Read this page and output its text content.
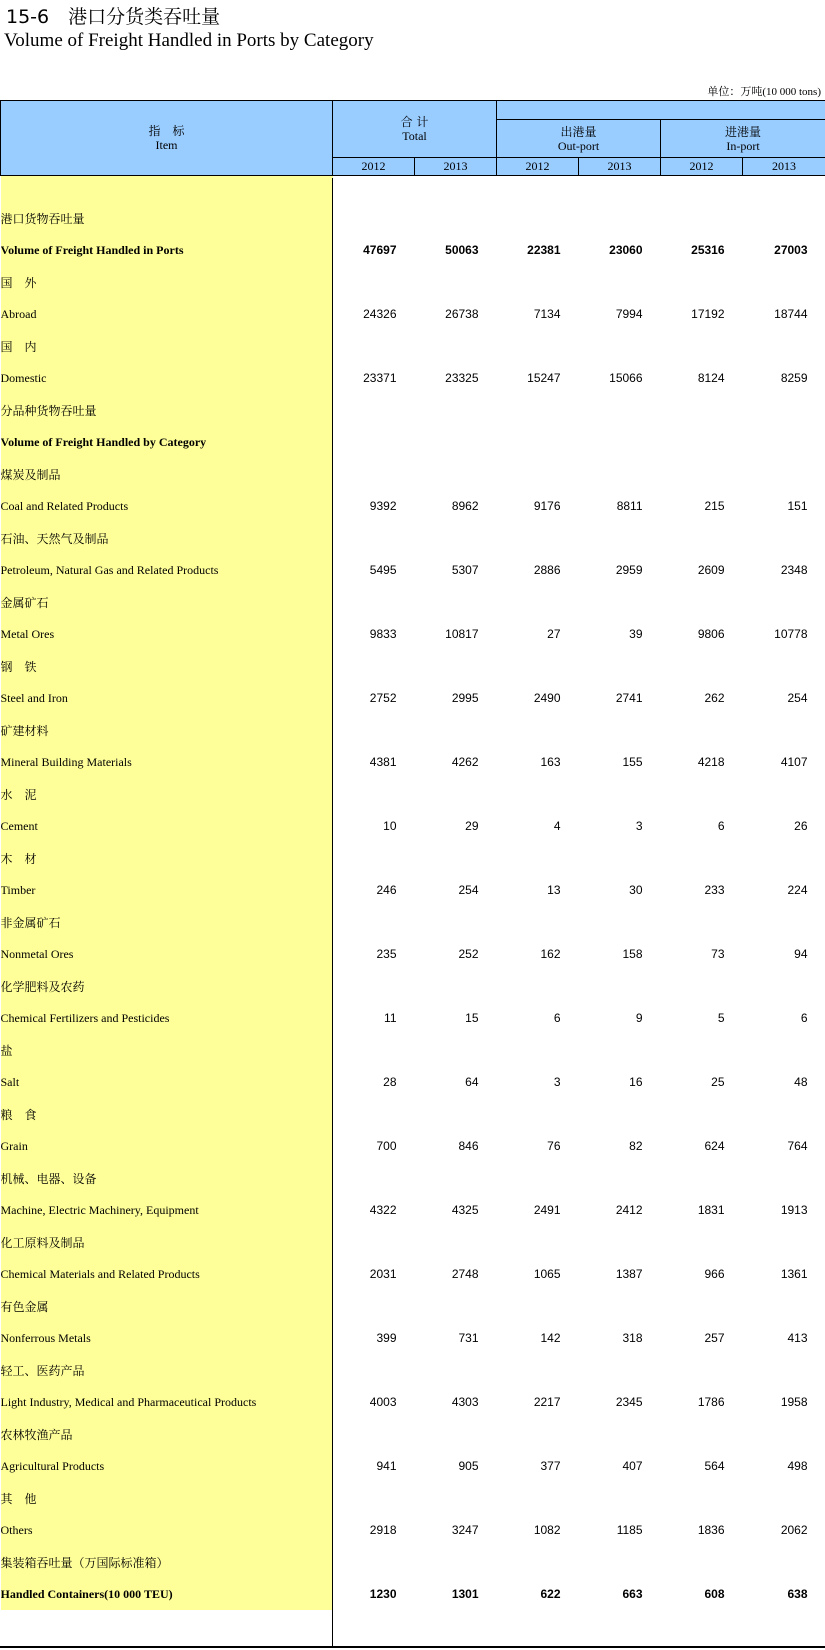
15-6　港口分货类吞吐量
Volume of Freight Handled in Ports by Category
单位：万吨(10 000 tons)
指　标
Item	合 计
Total					

			出港量
Out-port		进港量
In-port	

	2012	2013	2012	2013	2012	2013

港口货物吞吐量						
Volume of Freight Handled in Ports	47697	50063	22381	23060	25316	27003
国　外						
Abroad	24326	26738	7134	7994	17192	18744
国　内						
Domestic	23371	23325	15247	15066	8124	8259
分品种货物吞吐量						
Volume of Freight Handled by Category						
煤炭及制品						
Coal and Related Products	9392	8962	9176	8811	215	151
石油、天然气及制品						
Petroleum, Natural Gas and Related Products	5495	5307	2886	2959	2609	2348
金属矿石						
Metal Ores	9833	10817	27	39	9806	10778
钢　铁						
Steel and Iron	2752	2995	2490	2741	262	254
矿建材料						
Mineral Building Materials	4381	4262	163	155	4218	4107
水　泥						
Cement	10	29	4	3	6	26
木　材						
Timber	246	254	13	30	233	224
非金属矿石						
Nonmetal Ores	235	252	162	158	73	94
化学肥料及农药						
Chemical Fertilizers and Pesticides	11	15	6	9	5	6
盐						
Salt	28	64	3	16	25	48
粮　食						
Grain	700	846	76	82	624	764
机械、电器、设备						
Machine, Electric Machinery, Equipment	4322	4325	2491	2412	1831	1913
化工原料及制品						
Chemical Materials and Related Products	2031	2748	1065	1387	966	1361
有色金属						
Nonferrous Metals	399	731	142	318	257	413
轻工、医药产品						
Light Industry, Medical and Pharmaceutical Products	4003	4303	2217	2345	1786	1958
农林牧渔产品						
Agricultural Products	941	905	377	407	564	498
其　他						
Others	2918	3247	1082	1185	1836	2062
集装箱吞吐量（万国际标准箱）						
Handled Containers(10 000 TEU)	1230	1301	622	663	608	638
